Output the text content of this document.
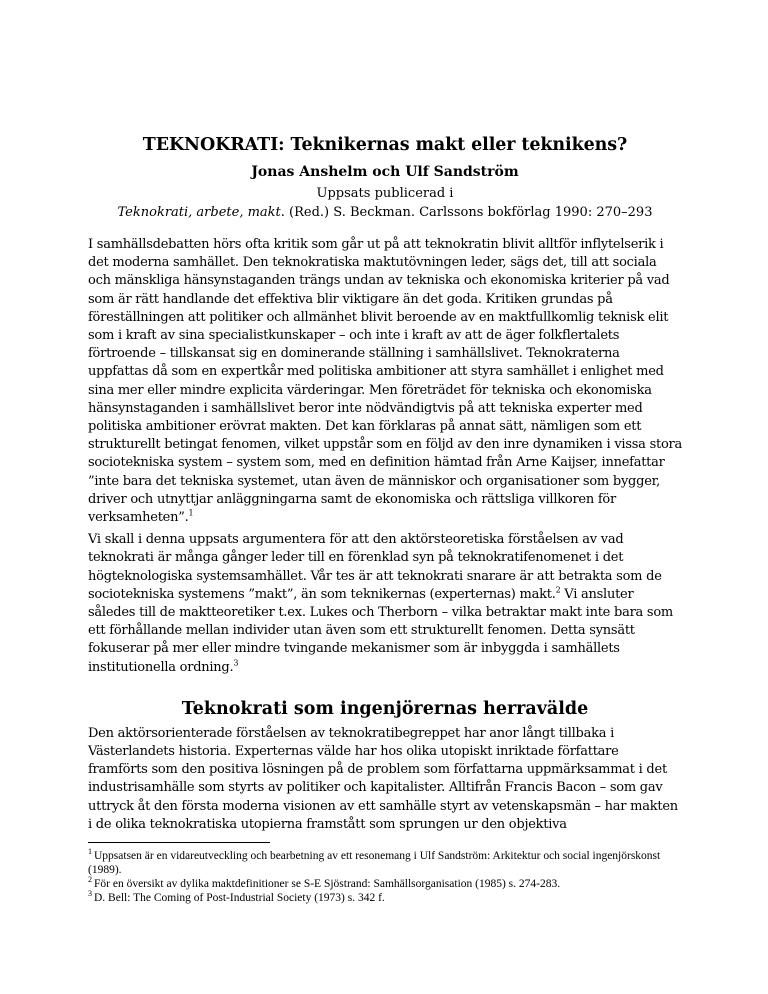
TEKNOKRATI: Teknikernas makt eller teknikens?
Jonas Anshelm och Ulf Sandström
Uppsats publicerad i
Teknokrati, arbete, makt. (Red.) S. Beckman. Carlssons bokförlag 1990: 270–293

I samhällsdebatten hörs ofta kritik som går ut på att teknokratin blivit alltför inflytelserik i det moderna samhället. Den teknokratiska maktutövningen leder, sägs det, till att sociala och mänskliga hänsynstaganden trängs undan av tekniska och ekonomiska kriterier på vad som är rätt handlande det effektiva blir viktigare än det goda. Kritiken grundas på föreställningen att politiker och allmänhet blivit beroende av en maktfullkomlig teknisk elit som i kraft av sina specialistkunskaper – och inte i kraft av att de äger folkflertalets förtroende – tillskansat sig en dominerande ställning i samhällslivet. Teknokraterna uppfattas då som en expertkår med politiska ambitioner att styra samhället i enlighet med sina mer eller mindre explicita värderingar. Men företrädet för tekniska och ekonomiska hänsynstaganden i samhällslivet beror inte nödvändigtvis på att tekniska experter med politiska ambitioner erövrat makten. Det kan förklaras på annat sätt, nämligen som ett strukturellt betingat fenomen, vilket uppstår som en följd av den inre dynamiken i vissa stora sociotekniska system – system som, med en definition hämtad från Arne Kaijser, innefattar ”inte bara det tekniska systemet, utan även de människor och organisationer som bygger, driver och utnyttjar anläggningarna samt de ekonomiska och rättsliga villkoren för verksamheten”.$^1$

Vi skall i denna uppsats argumentera för att den aktörsteoretiska förståelsen av vad teknokrati är många gånger leder till en förenklad syn på teknokratifenomenet i det högteknologiska systemsamhället. Vår tes är att teknokrati snarare är att betrakta som de sociotekniska systemens ”makt”, än som teknikernas (experternas) makt.$^2$ Vi ansluter således till de maktteoretiker t.ex. Lukes och Therborn – vilka betraktar makt inte bara som ett förhållande mellan individer utan även som ett strukturellt fenomen. Detta synsätt fokuserar på mer eller mindre tvingande mekanismer som är inbyggda i samhällets institutionella ordning.$^3$

Teknokrati som ingenjörernas herravälde

Den aktörsorienterade förståelsen av teknokratibegreppet har anor långt tillbaka i Västerlandets historia. Experternas välde har hos olika utopiskt inriktade författare framförts som den positiva lösningen på de problem som författarna uppmärksammat i det industrisamhälle som styrts av politiker och kapitalister. Alltifrån Francis Bacon – som gav uttryck åt den första moderna visionen av ett samhälle styrt av vetenskapsmän – har makten i de olika teknokratiska utopierna framstått som sprungen ur den objektiva

$^1$ Uppsatsen är en vidareutveckling och bearbetning av ett resonemang i Ulf Sandström: Arkitektur och social ingenjörskonst (1989).

$^2$ För en översikt av dylika maktdefinitioner se S-E Sjöstrand: Samhällsorganisation (1985) s. 274-283.

$^3$ D. Bell: The Coming of Post-Industrial Society (1973) s. 342 f.
